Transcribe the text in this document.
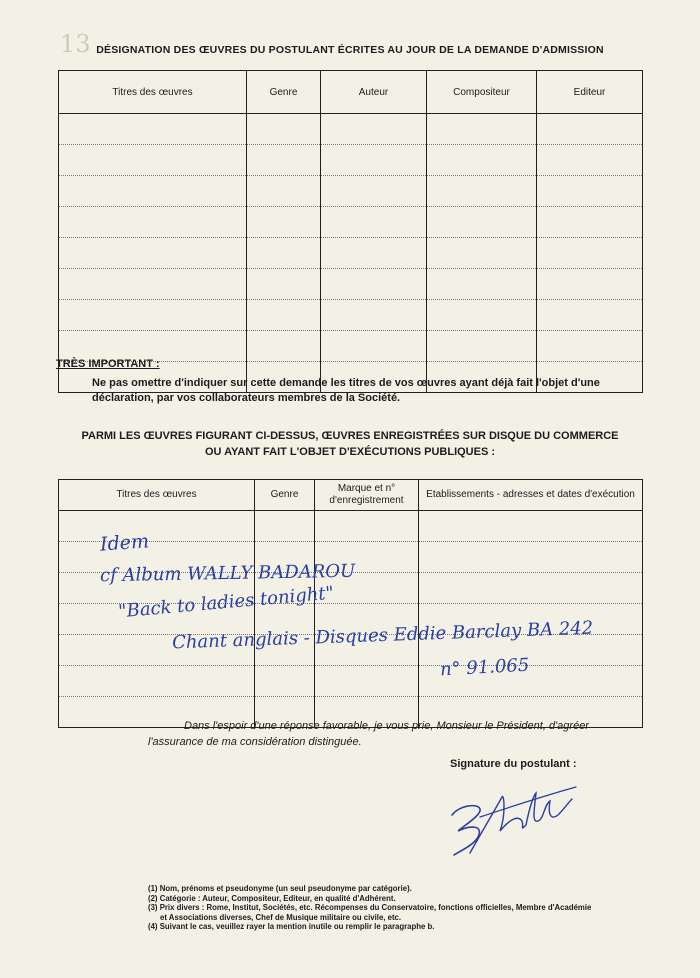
13 DÉSIGNATION DES ŒUVRES DU POSTULANT ÉCRITES AU JOUR DE LA DEMANDE D'ADMISSION
Titres des œuvres	Genre	Auteur	Compositeur	Editeur

TRÈS IMPORTANT :
Ne pas omettre d'indiquer sur cette demande les titres de vos œuvres ayant déjà fait l'objet d'une déclaration, par vos collaborateurs membres de la Société.
PARMI LES ŒUVRES FIGURANT CI-DESSUS, ŒUVRES ENREGISTRÉES SUR DISQUE DU COMMERCE
OU AYANT FAIT L'OBJET D'EXÉCUTIONS PUBLIQUES :
Titres des œuvres	Genre	Marque et n° d'enregistrement	Etablissements - adresses et dates d'exécution

Idem
cf Album WALLY BADAROU
"Back to ladies tonight"
Chant anglais - Disques Eddie Barclay BA 242
n° 91.065
Dans l'espoir d'une réponse favorable, je vous prie, Monsieur le Président, d'agréer
l'assurance de ma considération distinguée.
Signature du postulant :
(1) Nom, prénoms et pseudonyme (un seul pseudonyme par catégorie).
(2) Catégorie : Auteur, Compositeur, Editeur, en qualité d'Adhérent.
(3) Prix divers : Rome, Institut, Sociétés, etc. Récompenses du Conservatoire, fonctions officielles, Membre d'Académie
et Associations diverses, Chef de Musique militaire ou civile, etc.
(4) Suivant le cas, veuillez rayer la mention inutile ou remplir le paragraphe b.
